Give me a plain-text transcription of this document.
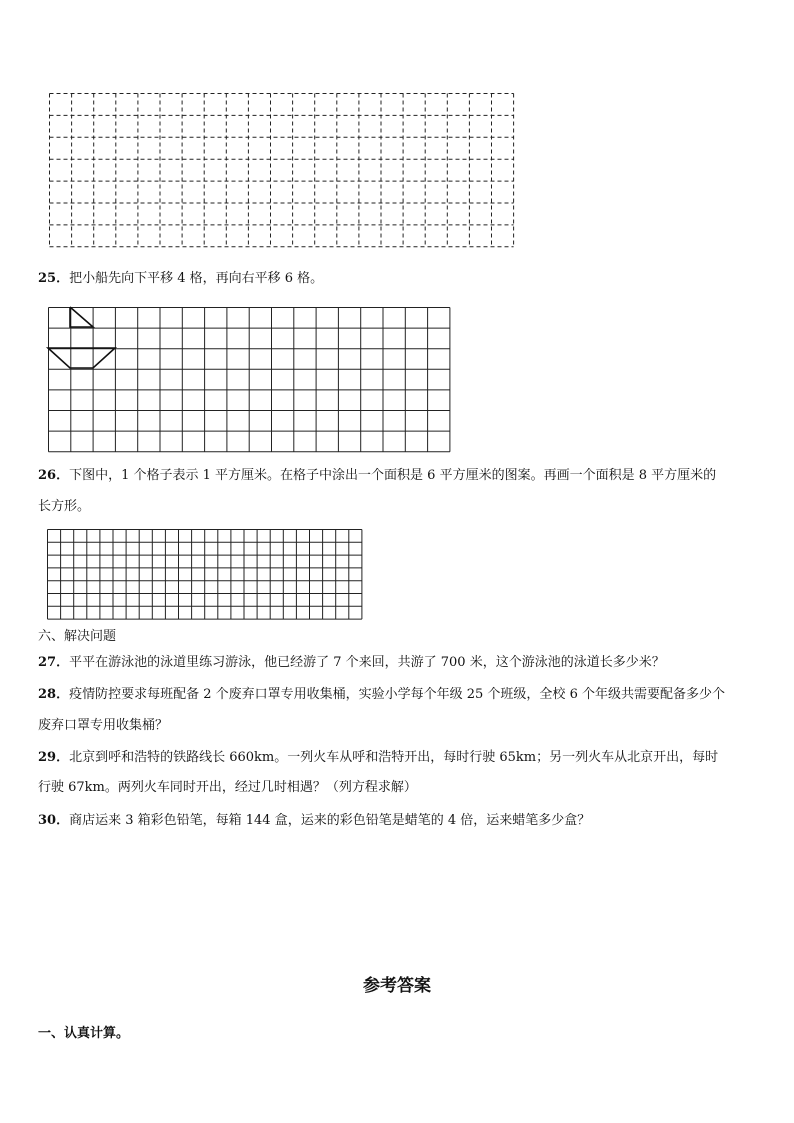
25．把小船先向下平移 4 格，再向右平移 6 格。
26．下图中，1 个格子表示 1 平方厘米。在格子中涂出一个面积是 6 平方厘米的图案。再画一个面积是 8 平方厘米的
长方形。
六、解决问题
27．平平在游泳池的泳道里练习游泳，他已经游了 7 个来回，共游了 700 米，这个游泳池的泳道长多少米？
28．疫情防控要求每班配备 2 个废弃口罩专用收集桶，实验小学每个年级 25 个班级，全校 6 个年级共需要配备多少个
废弃口罩专用收集桶？
29．北京到呼和浩特的铁路线长 660km。一列火车从呼和浩特开出，每时行驶 65km；另一列火车从北京开出，每时
行驶 67km。两列火车同时开出，经过几时相遇？（列方程求解）
30．商店运来 3 箱彩色铅笔，每箱 144 盒，运来的彩色铅笔是蜡笔的 4 倍，运来蜡笔多少盒？
参考答案
一、认真计算。
